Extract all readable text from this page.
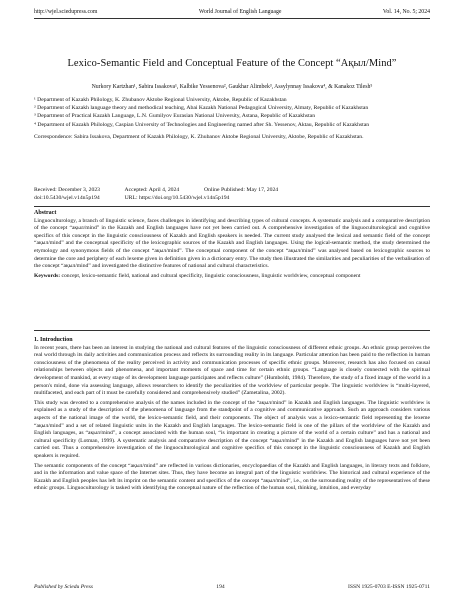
http://wjel.sciedupress.com	World Journal of English Language	Vol. 14, No. 5; 2024
Lexico-Semantic Field and Conceptual Feature of the Concept “Ақыл/Mind”
Nurkory Kartzhan¹, Sabira Issakova¹, Kalbike Yessenova², Gaukhar Alimbek³, Assylynnay Issakova⁴, & Kanakoz Tilesh⁵

¹ Department of Kazakh Philology, K. Zhubanov Aktobe Regional University, Aktobe, Republic of Kazakhstan

² Department of Kazakh language theory and methodical teaching, Abai Kazakh National Pedagogical University, Almaty, Republic of Kazakhstan

³ Department of Practical Kazakh Language, L.N. Gumilyov Eurasian National University, Astana, Republic of Kazakhstan

⁴ Department of Kazakh Philology, Caspian University of Technologies and Engineering named after Sh. Yessenov, Aktau, Republic of Kazakhstan

Correspondence: Sabira Issakova, Department of Kazakh Philology, K. Zhubanov Aktobe Regional University, Aktobe, Republic of Kazakhstan.

Received: December 3, 2023	Accepted: April 4, 2024	Online Published: May 17, 2024

doi:10.5430/wjel.v14n5p194	URL: https://doi.org/10.5430/wjel.v14n5p194

Abstract

Linguoculturology, a branch of linguistic science, faces challenges in identifying and describing types of cultural concepts. A systematic analysis and a comparative description of the concept “ақыл/mind” in the Kazakh and English languages have not yet been carried out. A comprehensive investigation of the linguoculturological and cognitive specifics of this concept in the linguistic consciousness of Kazakh and English speakers is needed. The current study analysed the lexical and semantic field of the concept “ақыл/mind” and the conceptual specificity of the lexicographic sources of the Kazakh and English languages. Using the logical-semantic method, the study determined the etymology and synonymous fields of the concept “ақыл/mind”. The conceptual component of the concept “ақыл/mind” was analysed based on lexicographic sources to determine the core and periphery of each lexeme given in definition given in a dictionary entry. The study then illustrated the similarities and peculiarities of the verbalisation of the concept “ақыл/mind” and investigated the distinctive features of national and cultural characteristics.

Keywords: concept, lexico-semantic field, national and cultural specificity, linguistic consciousness, linguistic worldview, conceptual component

1. Introduction

In recent years, there has been an interest in studying the national and cultural features of the linguistic consciousness of different ethnic groups. An ethnic group perceives the real world through its daily activities and communication process and reflects its surrounding reality in its language. Particular attention has been paid to the reflection in human consciousness of the phenomena of the reality perceived in activity and communication processes of specific ethnic groups. Moreover, research has also focused on causal relationships between objects and phenomena, and important moments of space and time for certain ethnic groups. “Language is closely connected with the spiritual development of mankind, at every stage of its development language participates and reflects culture” (Humboldt, 1984). Therefore, the study of a fixed image of the world in a person's mind, done via assessing language, allows researchers to identify the peculiarities of the worldview of particular people. The linguistic worldview is “multi-layered, multifaceted, and each part of it must be carefully considered and comprehensively studied” (Zametalina, 2002).

This study was devoted to a comprehensive analysis of the names included in the concept of the “ақыл/mind” in Kazakh and English languages. The linguistic worldview is explained as a study of the description of the phenomena of language from the standpoint of a cognitive and communicative approach. Such an approach considers various aspects of the national image of the world, the lexico-semantic field, and their components. The object of analysis was a lexico-semantic field representing the lexeme “ақыл/mind” and a set of related linguistic units in the Kazakh and English languages. The lexico-semantic field is one of the pillars of the worldview of the Kazakh and English languages, as “ақыл/mind”, a concept associated with the human soul, “is important in creating a picture of the world of a certain culture” and has a national and cultural specificity (Lotman, 1999). A systematic analysis and comparative description of the concept “ақыл/mind” in the Kazakh and English languages have not yet been carried out. Thus a comprehensive investigation of the linguoculturological and cognitive specifics of this concept in the linguistic consciousness of Kazakh and English speakers is required.

The semantic components of the concept “ақыл/mind” are reflected in various dictionaries, encyclopaedias of the Kazakh and English languages, in literary texts and folklore, and in the information and value space of the Internet sites. Thus, they have become an integral part of the linguistic worldview. The historical and cultural experience of the Kazakh and English peoples has left its imprint on the semantic content and specifics of the concept “ақыл/mind”, i.e., on the surrounding reality of the representatives of these ethnic groups. Linguoculturology is tasked with identifying the conceptual nature of the reflection of the human soul, thinking, intuition, and everyday

Published by Sciedu Press	194	ISSN 1925-0703 E-ISSN 1925-0711
